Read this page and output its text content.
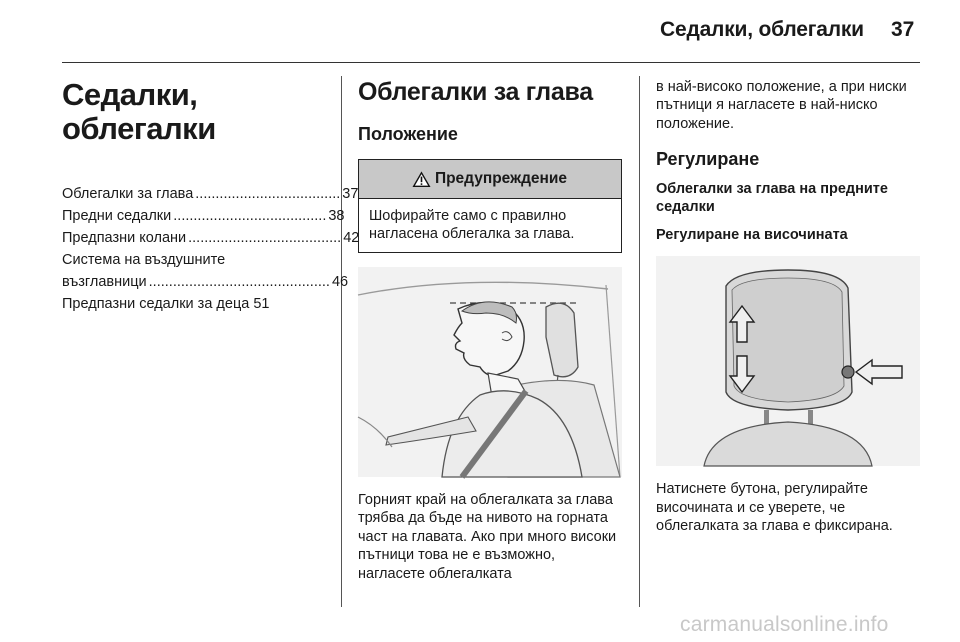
Седалки, облегалки 37
Седалки, облегалки
Облегалки за глава .................................... 37
Предни седалки ...................................... 38
Предпазни колани ...................................... 42
Система на въздушните
възглавници ............................................. 46
Предпазни седалки за деца 51
Облегалки за глава
Положение
Предупреждение
Шофирайте само с правилно нагласена облегалка за глава.
Горният край на облегалката за глава трябва да бъде на нивото на горната част на главата. Ако при много високи пътници това не е възможно, нагласете облегалката
в най-високо положение, а при ниски пътници я нагласете в най-ниско положение.
Регулиране
Облегалки за глава на предните седалки
Регулиране на височината
Натиснете бутона, регулирайте височината и се уверете, че облегалката за глава е фиксирана.
carmanualsonline.info
